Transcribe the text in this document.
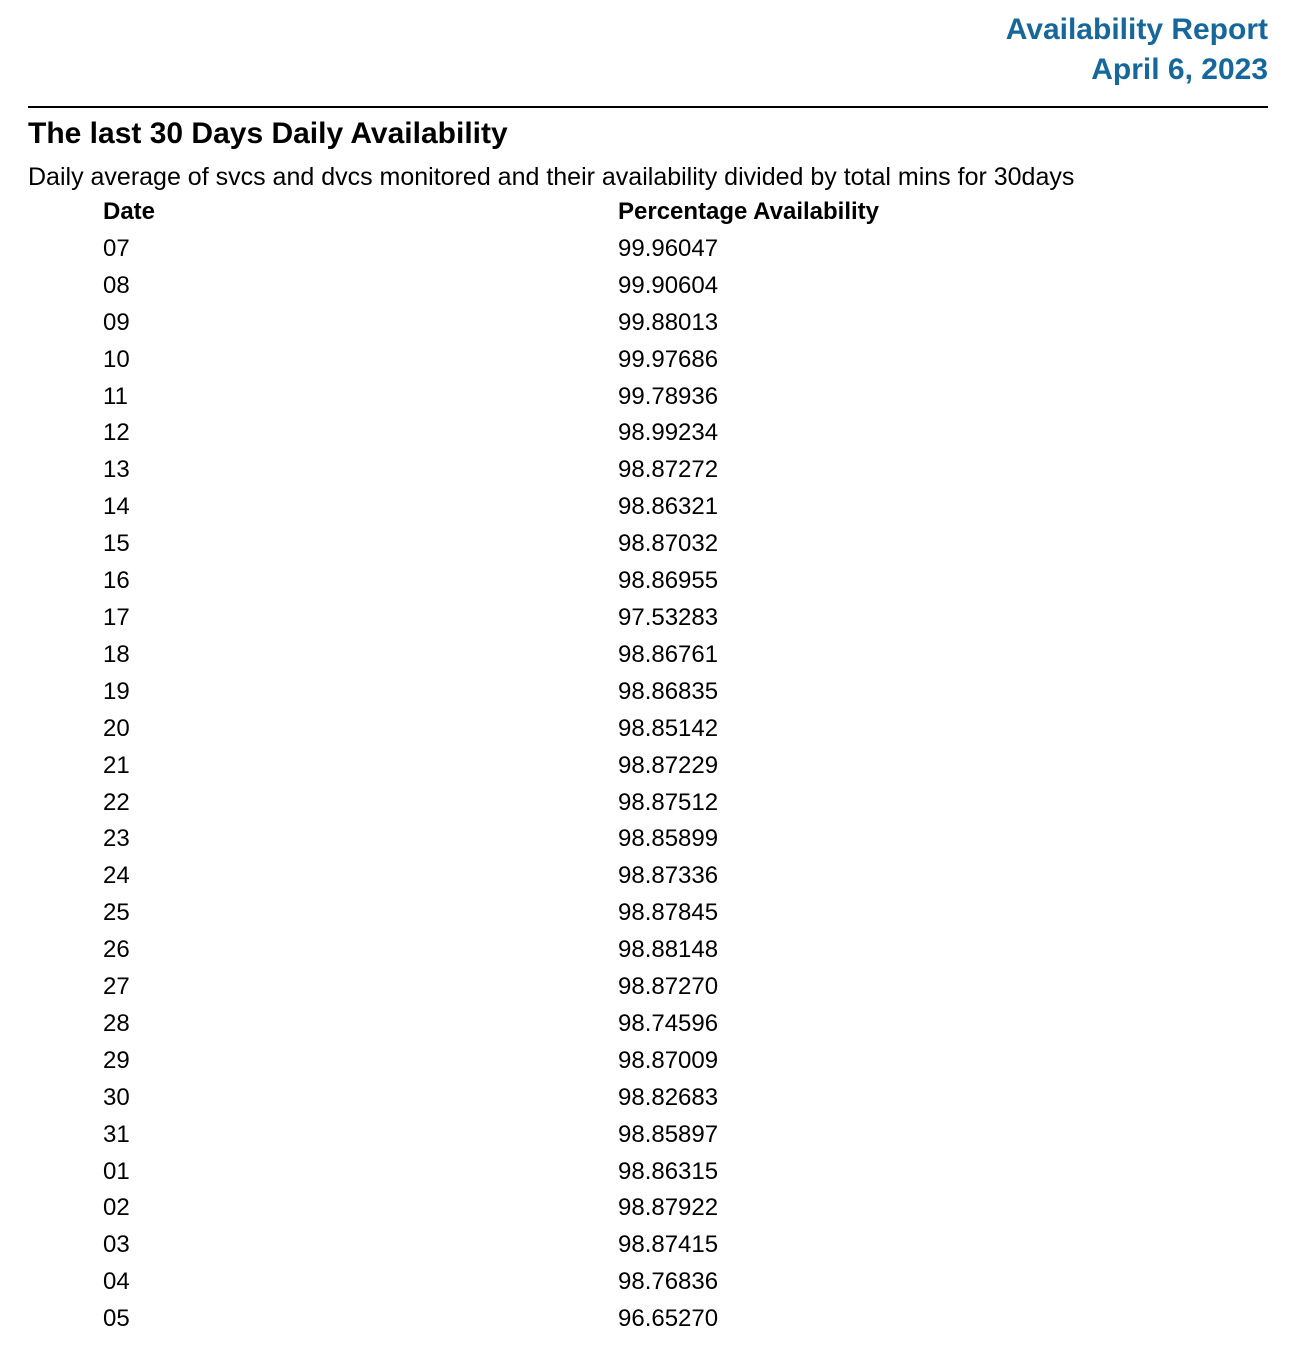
Availability Report
April 6, 2023
The last 30 Days Daily Availability

Daily average of svcs and dvcs monitored and their availability divided by total mins for 30days

Date	Percentage Availability
07	99.96047
08	99.90604
09	99.88013
10	99.97686
11	99.78936
12	98.99234
13	98.87272
14	98.86321
15	98.87032
16	98.86955
17	97.53283
18	98.86761
19	98.86835
20	98.85142
21	98.87229
22	98.87512
23	98.85899
24	98.87336
25	98.87845
26	98.88148
27	98.87270
28	98.74596
29	98.87009
30	98.82683
31	98.85897
01	98.86315
02	98.87922
03	98.87415
04	98.76836
05	96.65270
